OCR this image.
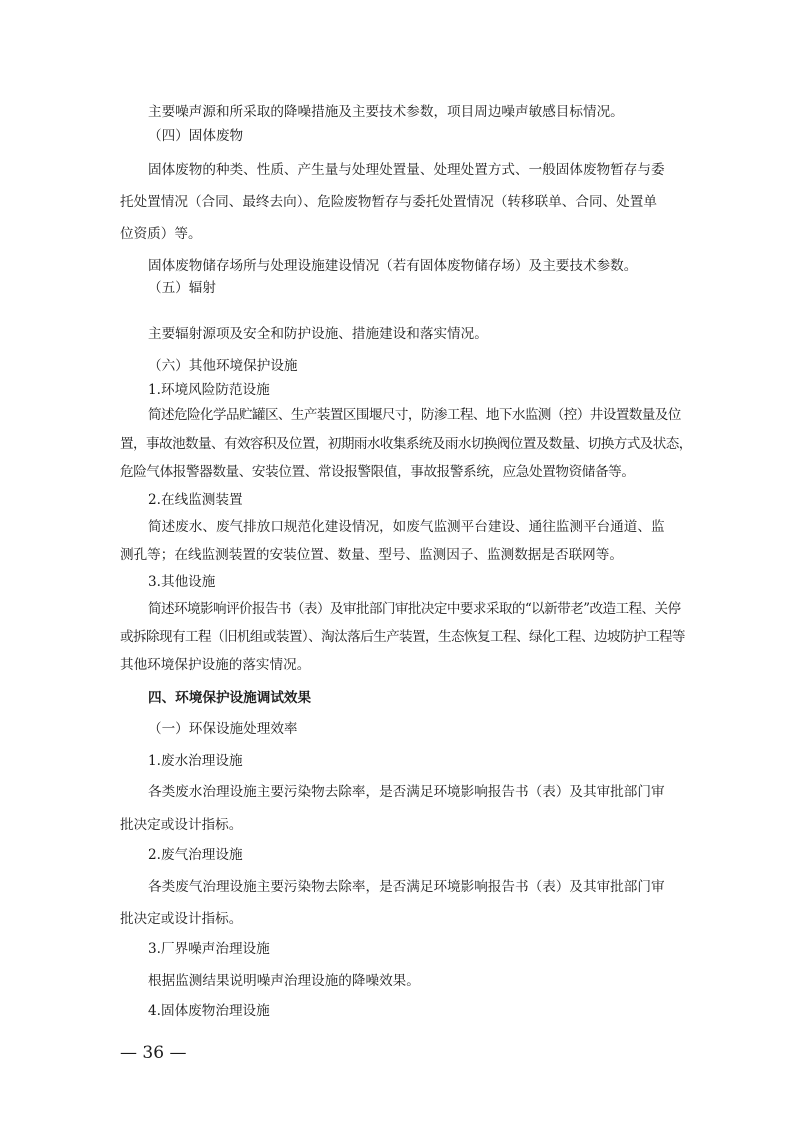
主要噪声源和所采取的降噪措施及主要技术参数，项目周边噪声敏感目标情况。
（四）固体废物
固体废物的种类、性质、产生量与处理处置量、处理处置方式、一般固体废物暂存与委
托处置情况（合同、最终去向）、危险废物暂存与委托处置情况（转移联单、合同、处置单
位资质）等。
固体废物储存场所与处理设施建设情况（若有固体废物储存场）及主要技术参数。
（五）辐射
主要辐射源项及安全和防护设施、措施建设和落实情况。
（六）其他环境保护设施
1.环境风险防范设施
简述危险化学品贮罐区、生产装置区围堰尺寸，防渗工程、地下水监测（控）井设置数量及位
置，事故池数量、有效容积及位置，初期雨水收集系统及雨水切换阀位置及数量、切换方式及状态，
危险气体报警器数量、安装位置、常设报警限值，事故报警系统，应急处置物资储备等。
2.在线监测装置
简述废水、废气排放口规范化建设情况，如废气监测平台建设、通往监测平台通道、监
测孔等；在线监测装置的安装位置、数量、型号、监测因子、监测数据是否联网等。
3.其他设施
简述环境影响评价报告书（表）及审批部门审批决定中要求采取的“以新带老”改造工程、关停
或拆除现有工程（旧机组或装置）、淘汰落后生产装置，生态恢复工程、绿化工程、边坡防护工程等
其他环境保护设施的落实情况。
四、环境保护设施调试效果
（一）环保设施处理效率
1.废水治理设施
各类废水治理设施主要污染物去除率，是否满足环境影响报告书（表）及其审批部门审
批决定或设计指标。
2.废气治理设施
各类废气治理设施主要污染物去除率，是否满足环境影响报告书（表）及其审批部门审
批决定或设计指标。
3.厂界噪声治理设施
根据监测结果说明噪声治理设施的降噪效果。
4.固体废物治理设施
— 36 —
